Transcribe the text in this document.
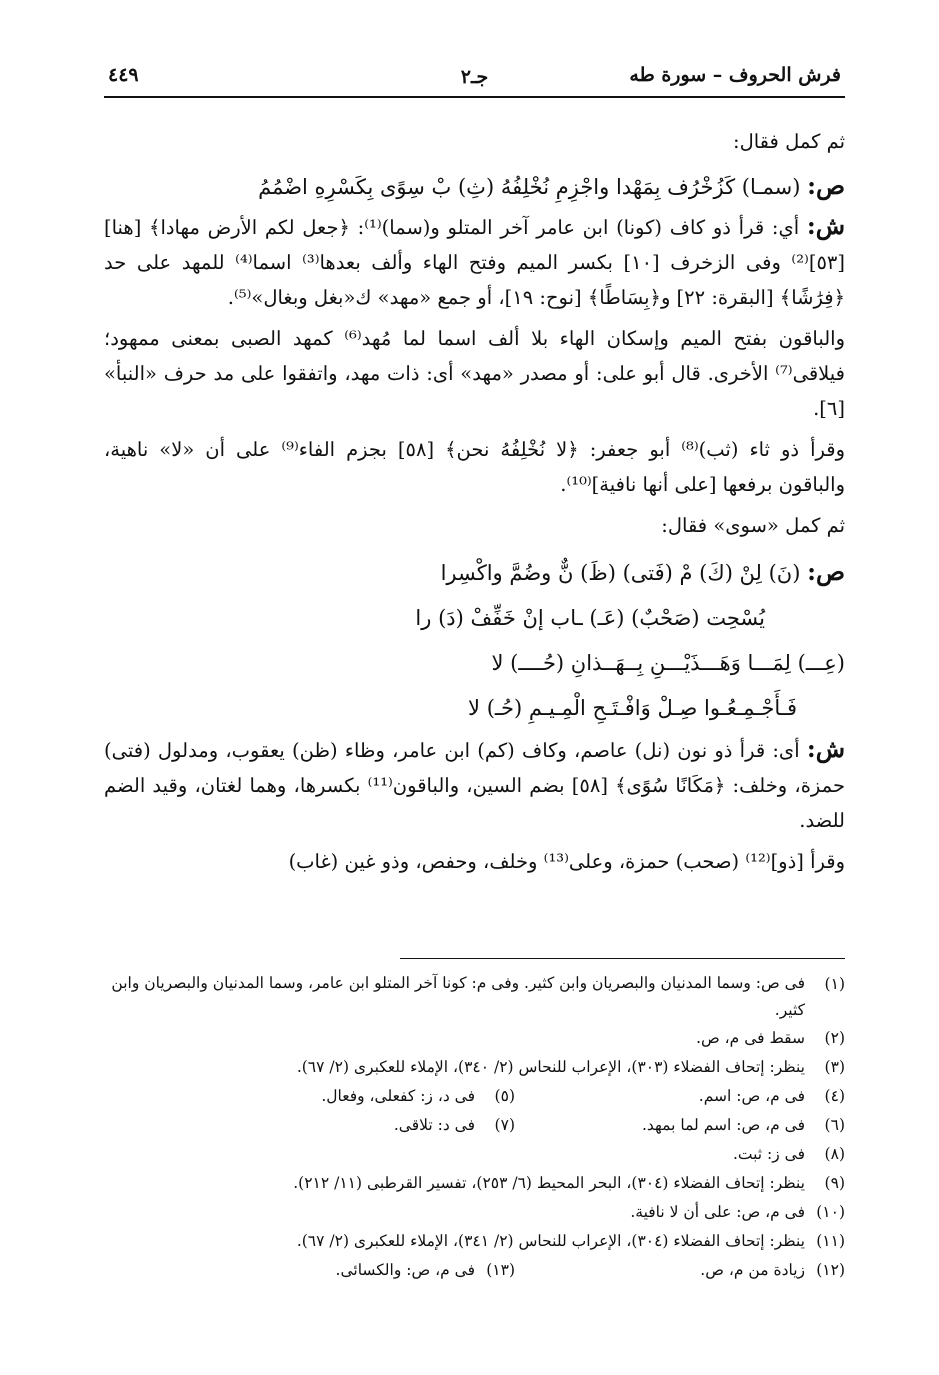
فرش الحروف – سورة طه
جـ٢
٤٤٩

ثم كمل فقال:

ص: (سمـا) كَزُخْرُف بِمَهْدا واجْزِمِ نُخْلِفُهُ (ثِ) بْ سِوًى بِكَسْرِهِ اضْمُمُ

ش: أي: قرأ ذو كاف (كونا) ابن عامر آخر المتلو و(سما)⁽¹⁾: ﴿جعل لكم الأرض مهادا﴾ [هنا][٥٣]⁽²⁾ وفى الزخرف [١٠] بكسر الميم وفتح الهاء وألف بعدها⁽³⁾ اسما⁽⁴⁾ للمهد على حد ﴿فِرَٰشًا﴾ [البقرة: ٢٢] و﴿بِسَاطًا﴾ [نوح: ١٩]، أو جمع «مهد» ك«بغل وبغال»⁽⁵⁾.

والباقون بفتح الميم وإسكان الهاء بلا ألف اسما لما مُهد⁽⁶⁾ كمهد الصبى بمعنى ممهود؛ فيلاقى⁽⁷⁾ الأخرى. قال أبو على: أو مصدر «مهد» أى: ذات مهد، واتفقوا على مد حرف «النبأ» [٦].

وقرأ ذو ثاء (ثب)⁽⁸⁾ أبو جعفر: ﴿لا نُخْلِفُهُ نحن﴾ [٥٨] بجزم الفاء⁽⁹⁾ على أن «لا» ناهية، والباقون برفعها [على أنها نافية]⁽¹⁰⁾.

ثم كمل «سوى» فقال:

ص: (نَ) لِنْ (كَ) مْ (فَتى) (ظَ) نٌّ وضُمَّ واكْسِرا
يُسْحِت (صَحْبٌ) (عَـ) ـاب إنْ خَفِّفْ (دَ) را
(عِـــ) لِمَـــا وَهَـــذَيْـــنِ بِــهَــذانِ (حُــــ) لا
فَـأَجْـمِـعُـوا صِـلْ وَافْـتَـحِ الْمِـيـمِ (حُـ) لا

ش: أى: قرأ ذو نون (نل) عاصم، وكاف (كم) ابن عامر، وظاء (ظن) يعقوب، ومدلول (فتى) حمزة، وخلف: ﴿مَكَانًا سُوًى﴾ [٥٨] بضم السين، والباقون⁽¹¹⁾ بكسرها، وهما لغتان، وقيد الضم للضد.

وقرأ [ذو]⁽¹²⁾ (صحب) حمزة، وعلى⁽¹³⁾ وخلف، وحفص، وذو غين (غاب)

(١)
فى ص: وسما المدنيان والبصريان وابن كثير. وفى م: كونا آخر المتلو ابن عامر، وسما المدنيان والبصريان وابن كثير.
(٢)
سقط فى م، ص.
(٣)
ينظر: إتحاف الفضلاء (٣٠٣)، الإعراب للنحاس (٢/ ٣٤٠)، الإملاء للعكبرى (٢/ ٦٧).
(٤)
فى م، ص: اسم.
(٥)
فى د، ز: كفعلى، وفعال.
(٦)
فى م، ص: اسم لما بمهد.
(٧)
فى د: تلاقى.
(٨)
فى ز: ثبت.
(٩)
ينظر: إتحاف الفضلاء (٣٠٤)، البحر المحيط (٦/ ٢٥٣)، تفسير القرطبى (١١/ ٢١٢).
(١٠)
فى م، ص: على أن لا نافية.
(١١)
ينظر: إتحاف الفضلاء (٣٠٤)، الإعراب للنحاس (٢/ ٣٤١)، الإملاء للعكبرى (٢/ ٦٧).
(١٢)
زيادة من م، ص.
(١٣)
فى م، ص: والكسائى.
